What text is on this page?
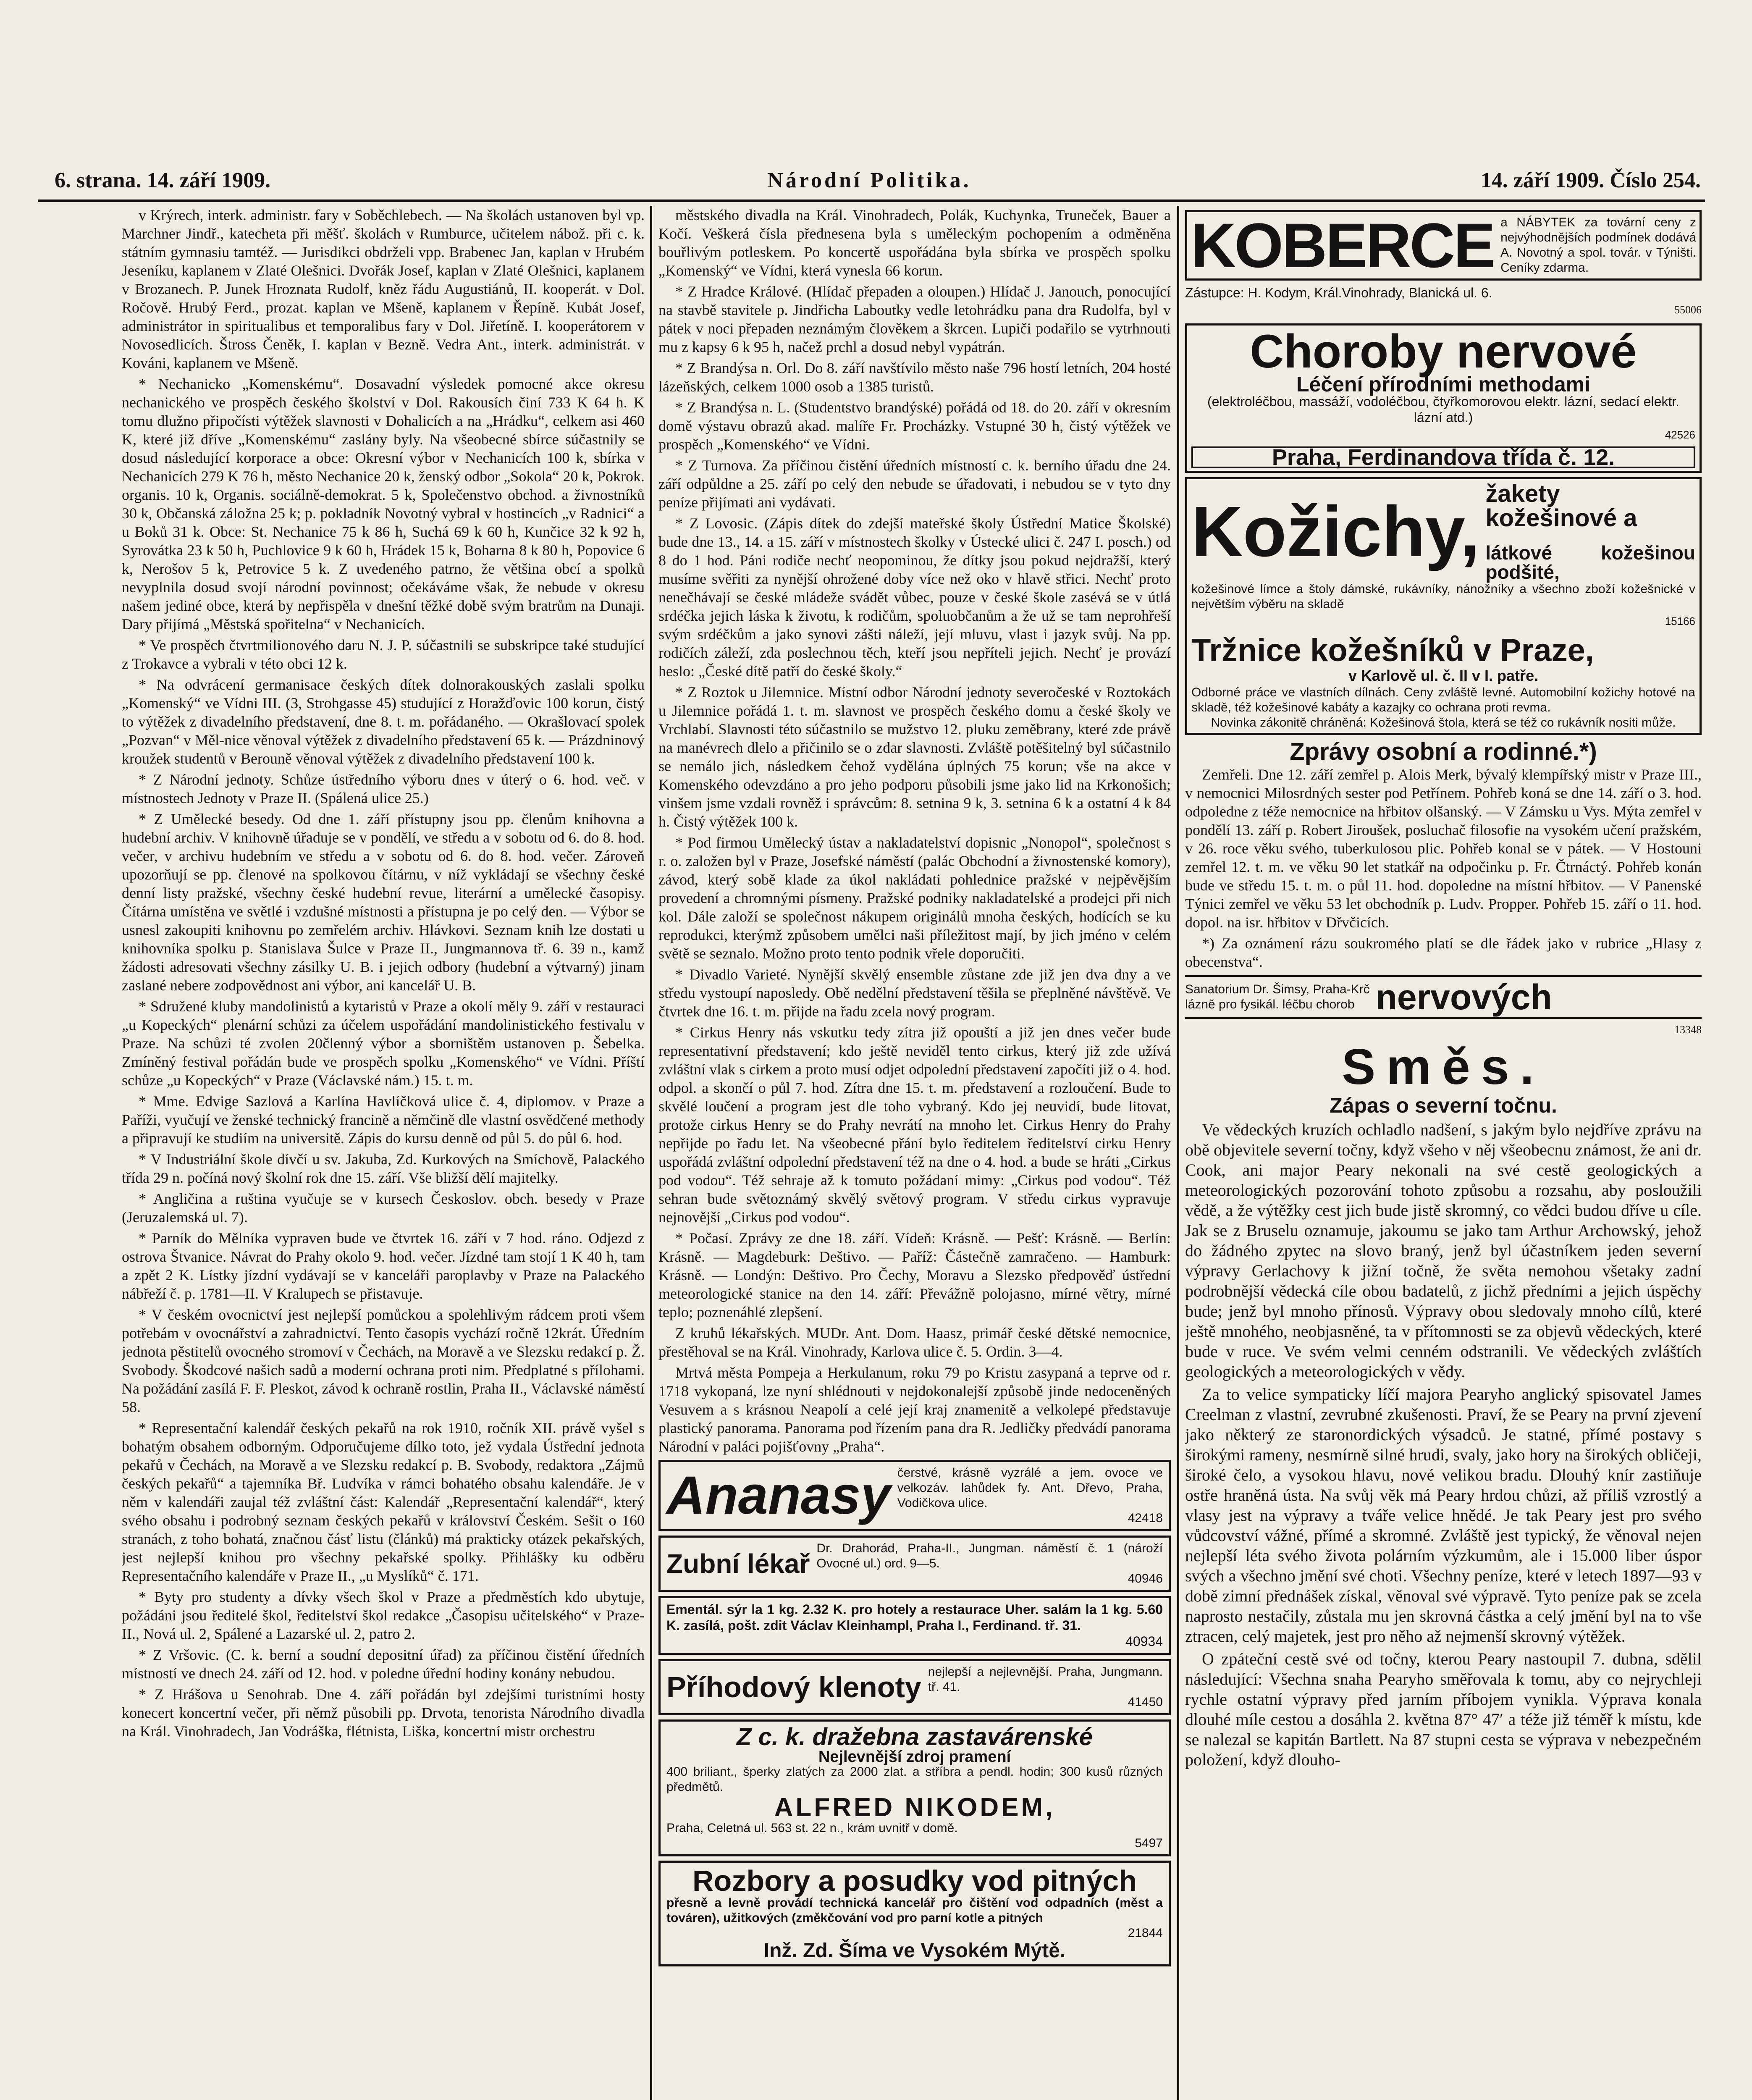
6. strana. 14. září 1909.	Národní Politika.	14. září 1909. Číslo 254.

v Krýrech, interk. administr. fary v Soběchlebech. — Na školách ustanoven byl vp. Marchner Jindř., katecheta při měšť. školách v Rumburce, učitelem nábož. při c. k. státním gymnasiu tamtéž. — Jurisdikci obdrželi vpp. Brabenec Jan, kaplan v Hrubém Jeseníku, kaplanem v Zlaté Olešnici. Dvořák Josef, kaplan v Zlaté Olešnici, kaplanem v Brozanech. P. Junek Hroznata Rudolf, kněz řádu Augustiánů, II. kooperát. v Dol. Ročově. Hrubý Ferd., prozat. kaplan ve Mšeně, kaplanem v Řepíně. Kubát Josef, administrátor in spiritualibus et temporalibus fary v Dol. Jiřetíně. I. kooperátorem v Novosedlicích. Štross Čeněk, I. kaplan v Bezně. Vedra Ant., interk. administrát. v Kováni, kaplanem ve Mšeně.

* Nechanicko „Komenskému“. Dosavadní výsledek pomocné akce okresu nechanického ve prospěch českého školství v Dol. Rakousích činí 733 K 64 h. K tomu dlužno připočísti výtěžek slavnosti v Dohalicích a na „Hrádku“, celkem asi 460 K, které již dříve „Komenskému“ zaslány byly. Na všeobecné sbírce súčastnily se dosud následující korporace a obce: Okresní výbor v Nechanicích 100 k, sbírka v Nechanicích 279 K 76 h, město Nechanice 20 k, ženský odbor „Sokola“ 20 k, Pokrok. organis. 10 k, Organis. sociálně-demokrat. 5 k, Společenstvo obchod. a živnostníků 30 k, Občanská záložna 25 k; p. pokladník Novotný vybral v hostincích „v Radnici“ a u Boků 31 k. Obce: St. Nechanice 75 k 86 h, Suchá 69 k 60 h, Kunčice 32 k 92 h, Syrovátka 23 k 50 h, Puchlovice 9 k 60 h, Hrádek 15 k, Boharna 8 k 80 h, Popovice 6 k, Nerošov 5 k, Petrovice 5 k. Z uvedeného patrno, že většina obcí a spolků nevyplnila dosud svojí národní povinnost; očekáváme však, že nebude v okresu našem jediné obce, která by nepřispěla v dnešní těžké době svým bratrům na Dunaji. Dary přijímá „Městská spořitelna“ v Nechanicích.

* Ve prospěch čtvrtmilionového daru N. J. P. súčastnili se subskripce také studující z Trokavce a vybrali v této obci 12 k.

* Na odvrácení germanisace českých dítek dolnorakouských zaslali spolku „Komenský“ ve Vídni III. (3, Strohgasse 45) studující z Horažďovic 100 korun, čistý to výtěžek z divadelního představení, dne 8. t. m. pořádaného. — Okrašlovací spolek „Pozvan“ v Měl-nice věnoval výtěžek z divadelního představení 65 k. — Prázdninový kroužek studentů v Berouně věnoval výtěžek z divadelního představení 100 k.

* Z Národní jednoty. Schůze ústředního výboru dnes v úterý o 6. hod. več. v místnostech Jednoty v Praze II. (Spálená ulice 25.)

* Z Umělecké besedy. Od dne 1. září přístupny jsou pp. členům knihovna a hudební archiv. V knihovně úřaduje se v pondělí, ve středu a v sobotu od 6. do 8. hod. večer, v archivu hudebním ve středu a v sobotu od 6. do 8. hod. večer. Zároveň upozorňují se pp. členové na spolkovou čítárnu, v níž vykládají se všechny české denní listy pražské, všechny české hudební revue, literární a umělecké časopisy. Čítárna umístěna ve světlé i vzdušné místnosti a přístupna je po celý den. — Výbor se usnesl zakoupiti knihovnu po zemřelém archiv. Hlávkovi. Seznam knih lze dostati u knihovníka spolku p. Stanislava Šulce v Praze II., Jungmannova tř. 6. 39 n., kamž žádosti adresovati všechny zásilky U. B. i jejich odbory (hudební a výtvarný) jinam zaslané nebere zodpovědnost ani výbor, ani kancelář U. B.

* Sdružené kluby mandolinistů a kytaristů v Praze a okolí měly 9. září v restauraci „u Kopeckých“ plenární schůzi za účelem uspořádání mandolinistického festivalu v Praze. Na schůzi té zvolen 20členný výbor a sborništěm ustanoven p. Šebelka. Zmíněný festival pořádán bude ve prospěch spolku „Komenského“ ve Vídni. Příští schůze „u Kopeckých“ v Praze (Václavské nám.) 15. t. m.

* Mme. Edvige Sazlová a Karlína Havlíčková ulice č. 4, diplomov. v Praze a Paříži, vyučují ve ženské technický francině a němčině dle vlastní osvědčené methody a připravují ke studiím na universitě. Zápis do kursu denně od půl 5. do půl 6. hod.

* V Industriální škole dívčí u sv. Jakuba, Zd. Kurkových na Smíchově, Palackého třída 29 n. počíná nový školní rok dne 15. září. Vše bližší dělí majitelky.

* Angličina a ruština vyučuje se v kursech Českoslov. obch. besedy v Praze (Jeruzalemská ul. 7).

* Parník do Mělníka vypraven bude ve čtvrtek 16. září v 7 hod. ráno. Odjezd z ostrova Štvanice. Návrat do Prahy okolo 9. hod. večer. Jízdné tam stojí 1 K 40 h, tam a zpět 2 K. Lístky jízdní vydávají se v kanceláři paroplavby v Praze na Palackého nábřeží č. p. 1781—II. V Kralupech se přistavuje.

* V českém ovocnictví jest nejlepší pomůckou a spolehlivým rádcem proti všem potřebám v ovocnářství a zahradnictví. Tento časopis vychází ročně 12krát. Úředním jednota pěstitelů ovocného stromoví v Čechách, na Moravě a ve Slezsku redakcí p. Ž. Svobody. Škodcové našich sadů a moderní ochrana proti nim. Předplatné s přílohami. Na požádání zasílá F. F. Pleskot, závod k ochraně rostlin, Praha II., Václavské náměstí 58.

* Representační kalendář českých pekařů na rok 1910, ročník XII. právě vyšel s bohatým obsahem odborným. Odporučujeme dílko toto, jež vydala Ústřední jednota pekařů v Čechách, na Moravě a ve Slezsku redakcí p. B. Svobody, redaktora „Zájmů českých pekařů“ a tajemníka Bř. Ludvíka v rámci bohatého obsahu kalendáře. Je v něm v kalendáři zaujal též zvláštní část: Kalendář „Representační kalendář“, který svého obsahu i podrobný seznam českých pekařů v království Českém. Sešit o 160 stranách, z toho bohatá, značnou čásť listu (článků) má prakticky otázek pekařských, jest nejlepší knihou pro všechny pekařské spolky. Přihlášky ku odběru Representačního kalendáře v Praze II., „u Myslíků“ č. 171.

* Byty pro studenty a dívky všech škol v Praze a předměstích kdo ubytuje, požádáni jsou ředitelé škol, ředitelství škol redakce „Časopisu učitelského“ v Praze-II., Nová ul. 2, Spálené a Lazarské ul. 2, patro 2.

* Z Vršovic. (C. k. berní a soudní depositní úřad) za příčinou čistění úředních místností ve dnech 24. září od 12. hod. v poledne úřední hodiny konány nebudou.

* Z Hrášova u Senohrab. Dne 4. září pořádán byl zdejšími turistními hosty konecert koncertní večer, při němž působili pp. Drvota, tenorista Národního divadla na Král. Vinohradech, Jan Vodráška, flétnista, Liška, koncertní mistr orchestru

městského divadla na Král. Vinohradech, Polák, Kuchynka, Truneček, Bauer a Kočí. Veškerá čísla přednesena byla s uměleckým pochopením a odměněna bouřlivým potleskem. Po koncertě uspořádána byla sbírka ve prospěch spolku „Komenský“ ve Vídni, která vynesla 66 korun.

* Z Hradce Králové. (Hlídač přepaden a oloupen.) Hlídač J. Janouch, ponocující na stavbě stavitele p. Jindřicha Laboutky vedle letohrádku pana dra Rudolfa, byl v pátek v noci přepaden neznámým člověkem a škrcen. Lupiči podařilo se vytrhnouti mu z kapsy 6 k 95 h, načež prchl a dosud nebyl vypátrán.

* Z Brandýsa n. Orl. Do 8. září navštívilo město naše 796 hostí letních, 204 hosté lázeňských, celkem 1000 osob a 1385 turistů.

* Z Brandýsa n. L. (Studentstvo brandýské) pořádá od 18. do 20. září v okresním domě výstavu obrazů akad. malíře Fr. Procházky. Vstupné 30 h, čistý výtěžek ve prospěch „Komenského“ ve Vídni.

* Z Turnova. Za příčinou čistění úředních místností c. k. berního úřadu dne 24. září odpůldne a 25. září po celý den nebude se úřadovati, i nebudou se v tyto dny peníze přijímati ani vydávati.

* Z Lovosic. (Zápis dítek do zdejší mateřské školy Ústřední Matice Školské) bude dne 13., 14. a 15. září v místnostech školky v Ústecké ulici č. 247 I. posch.) od 8 do 1 hod. Páni rodiče nechť neopominou, že dítky jsou pokud nejdražší, který musíme svěřiti za nynější ohrožené doby více než oko v hlavě střici. Nechť proto nenečhávají se české mládeže svádět vůbec, pouze v české škole zasévá se v útlá srdéčka jejich láska k životu, k rodičům, spoluobčanům a že už se tam neprohřeší svým srdéčkům a jako synovi zášti náleží, její mluvu, vlast i jazyk svůj. Na pp. rodičích záleží, zda poslechnou těch, kteří jsou nepříteli jejich. Nechť je provází heslo: „České dítě patří do české školy.“

* Z Roztok u Jilemnice. Místní odbor Národní jednoty severočeské v Roztokách u Jilemnice pořádá 1. t. m. slavnost ve prospěch českého domu a české školy ve Vrchlabí. Slavnosti této súčastnilo se mužstvo 12. pluku zeměbrany, které zde právě na manévrech dlelo a přičinilo se o zdar slavnosti. Zvláště potěšitelný byl súčastnilo se nemálo jich, následkem čehož vydělána úplných 75 korun; vše na akce v Komenského odevzdáno a pro jeho podporu působili jsme jako lid na Krkonošich; vinšem jsme vzdali rovněž i správcům: 8. setnina 9 k, 3. setnina 6 k a ostatní 4 k 84 h. Čistý výtěžek 100 k.

* Pod firmou Umělecký ústav a nakladatelství dopisnic „Nonopol“, společnost s r. o. založen byl v Praze, Josefské náměstí (palác Obchodní a živnostenské komory), závod, který sobě klade za úkol nakládati pohlednice pražské v nejpěvějším provedení a chromnými písmeny. Pražské podniky nakladatelské a prodejci při nich kol. Dále založí se společnost nákupem originálů mnoha českých, hodících se ku reprodukci, kterýmž způsobem umělci naši příležitost mají, by jich jméno v celém světě se seznalo. Možno proto tento podnik vřele doporučiti.

* Divadlo Varieté. Nynější skvělý ensemble zůstane zde již jen dva dny a ve středu vystoupí naposledy. Obě nedělní představení těšila se přeplněné návštěvě. Ve čtvrtek dne 16. t. m. přijde na řadu zcela nový program.

* Cirkus Henry nás vskutku tedy zítra již opouští a již jen dnes večer bude representativní představení; kdo ještě neviděl tento cirkus, který již zde užívá zvláštní vlak s cirkem a proto musí odjet odpolední představení započíti již o 4. hod. odpol. a skončí o půl 7. hod. Zítra dne 15. t. m. představení a rozloučení. Bude to skvělé loučení a program jest dle toho vybraný. Kdo jej neuvidí, bude litovat, protože cirkus Henry se do Prahy nevrátí na mnoho let. Cirkus Henry do Prahy nepřijde po řadu let. Na všeobecné přání bylo ředitelem ředitelství cirku Henry uspořádá zvláštní odpolední představení též na dne o 4. hod. a bude se hráti „Cirkus pod vodou“. Též sehraje až k tomuto požádaní mimy: „Cirkus pod vodou“. Též sehran bude světoznámý skvělý světový program. V středu cirkus vypravuje nejnovější „Cirkus pod vodou“.

* Počasí. Zprávy ze dne 18. září. Vídeň: Krásně. — Pešť: Krásně. — Berlín: Krásně. — Magdeburk: Deštivo. — Paříž: Částečně zamračeno. — Hamburk: Krásně. — Londýn: Deštivo. Pro Čechy, Moravu a Slezsko předpověď ústřední meteorologické stanice na den 14. září: Převážně polojasno, mírné větry, mírné teplo; poznenáhlé zlepšení.

Z kruhů lékařských. MUDr. Ant. Dom. Haasz, primář české dětské nemocnice, přestěhoval se na Král. Vinohrady, Karlova ulice č. 5. Ordin. 3—4.

Mrtvá města Pompeja a Herkulanum, roku 79 po Kristu zasypaná a teprve od r. 1718 vykopaná, lze nyní shlédnouti v nejdokonalejší způsobě jinde nedoceněných Vesuvem a s krásnou Neapolí a celé její kraj znamenitě a velkolepé představuje plastický panorama. Panorama pod řízením pana dra R. Jedličky předvádí panorama Národní v paláci pojišťovny „Praha“.

Ananasy čerstvé, krásně vyzrálé a jem. ovoce ve velkozáv. lahůdek fy. Ant. Dřevo, Praha, Vodičkova ulice.
42418
Zubní lékař
Dr. Drahorád, Praha-II., Jungman. náměstí č. 1 (nároží Ovocné ul.) ord. 9—5.
40946
Ementál. sýr la 1 kg. 2.32 K. pro hotely a restaurace Uher. salám la 1 kg. 5.60 K. zasílá, pošt. zdit Václav Kleinhampl, Praha I., Ferdinand. tř. 31.
40934
Příhodový klenoty nejlepší a nejlevnější. Praha, Jungmann. tř. 41.
41450
Z c. k. dražebna zastavárenské
Nejlevnější zdroj pramení
400 briliant., šperky zlatých za 2000 zlat. a stříbra a pendl. hodin; 300 kusů různých předmětů.
ALFRED NIKODEM,
Praha, Celetná ul. 563 st. 22 n., krám uvnitř v domě.
5497
Rozbory a posudky vod pitných
přesně a levně provádí technická kancelář pro čištění vod odpadních (měst a továren), užitkových (změkčování vod pro parní kotle a pitných
21844
Inž. Zd. Šíma ve Vysokém Mýtě.
KOBERCE a NÁBYTEK za tovární ceny z nejvýhodnějších podmínek dodává A. Novotný a spol. továr. v Týništi. Ceníky zdarma.
Zástupce: H. Kodym, Král.Vinohrady, Blanická ul. 6.
55006
Choroby nervové
Léčení přírodními methodami
(elektroléčbou, massáží, vodoléčbou, čtyřkomorovou elektr. lázní, sedací elektr. lázní atd.)
42526
Praha, Ferdinandova třída č. 12.
Kožichy, žakety kožešinové a
látkové kožešinou podšité,
kožešinové límce a štoly dámské, rukávníky, nánožníky a všechno zboží kožešnické v největším výběru na skladě
15166
Tržnice kožešníků v Praze,
v Karlově ul. č. II v I. patře.
Odborné práce ve vlastních dílnách. Ceny zvláště levné. Automobilní kožichy hotové na skladě, též kožešinové kabáty a kazajky co ochrana proti revma.
Novinka zákonitě chráněná: Kožešinová štola, která se též co rukávník nositi může.
Zprávy osobní a rodinné.*)

Zemřeli. Dne 12. září zemřel p. Alois Merk, bývalý klempířský mistr v Praze III., v nemocnici Milosrdných sester pod Petřínem. Pohřeb koná se dne 14. září o 3. hod. odpoledne z téže nemocnice na hřbitov olšanský. — V Zámsku u Vys. Mýta zemřel v pondělí 13. září p. Robert Jiroušek, posluchač filosofie na vysokém učení pražském, v 26. roce věku svého, tuberkulosou plic. Pohřeb konal se v pátek. — V Hostouni zemřel 12. t. m. ve věku 90 let statkář na odpočinku p. Fr. Čtrnáctý. Pohřeb konán bude ve středu 15. t. m. o půl 11. hod. dopoledne na místní hřbitov. — V Panenské Týnici zemřel ve věku 53 let obchodník p. Ludv. Propper. Pohřeb 15. září o 11. hod. dopol. na isr. hřbitov v Dřvčicích.

*) Za oznámení rázu soukromého platí se dle řádek jako v rubrice „Hlasy z obecenstva“.

Sanatorium Dr. Šimsy, Praha-Krč
lázně pro fysikál. léčbu chorob nervových
13348
Směs.
Zápas o severní točnu.

Ve vědeckých kruzích ochladlo nadšení, s jakým bylo nejdříve zprávu na obě objevitele severní točny, když všeho v něj všeobecnu známost, že ani dr. Cook, ani major Peary nekonali na své cestě geologických a meteorologických pozorování tohoto způsobu a rozsahu, aby posloužili vědě, a že výtěžky cest jich bude jistě skromný, co vědci budou dříve u cíle. Jak se z Bruselu oznamuje, jakoumu se jako tam Arthur Archowský, jehož do žádného zpytec na slovo braný, jenž byl účastníkem jeden severní výpravy Gerlachovy k jižní točně, že světa nemohou všetaky zadní podrobnější vědecká cíle obou badatelů, z jichž předními a jejich úspěchy bude; jenž byl mnoho přínosů. Výpravy obou sledovaly mnoho cílů, které ještě mnohého, neobjasněné, ta v přítomnosti se za objevů vědeckých, které bude v ruce. Ve svém velmi cenném odstranili. Ve vědeckých zvláštích geologických a meteorologických v vědy.

Za to velice sympaticky líčí majora Pearyho anglický spisovatel James Creelman z vlastní, zevrubné zkušenosti. Praví, že se Peary na první zjevení jako některý ze staronordických výsadců. Je statné, přímé postavy s širokými rameny, nesmírně silné hrudi, svaly, jako hory na širokých obličeji, široké čelo, a vysokou hlavu, nové velikou bradu. Dlouhý knír zastiňuje ostře hraněná ústa. Na svůj věk má Peary hrdou chůzi, až příliš vzrostlý a vlasy jest na výpravy a tváře velice hnědé. Je tak Peary jest pro svého vůdcovství vážné, přímé a skromné. Zvláště jest typický, že věnoval nejen nejlepší léta svého života polárním výzkumům, ale i 15.000 liber úspor svých a všechno jmění své choti. Všechny peníze, které v letech 1897—93 v době zimní přednášek získal, věnoval své výpravě. Tyto peníze pak se zcela naprosto nestačily, zůstala mu jen skrovná částka a celý jmění byl na to vše ztracen, celý majetek, jest pro něho až nejmenší skrovný výtěžek.

O zpáteční cestě své od točny, kterou Peary nastoupil 7. dubna, sdělil následující: Všechna snaha Pearyho směřovala k tomu, aby co nejrychleji rychle ostatní výpravy před jarním příbojem vynikla. Výprava konala dlouhé míle cestou a dosáhla 2. května 87° 47′ a téže již téměř k místu, kde se nalezal se kapitán Bartlett. Na 87 stupni cesta se výprava v nebezpečném položení, když dlouho-
